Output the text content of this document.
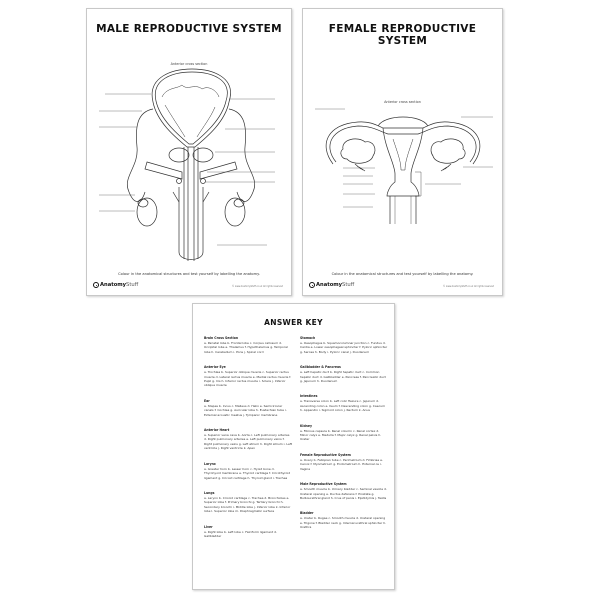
MALE REPRODUCTIVE SYSTEM
Anterior cross section
Colour in the anatomical structures and test yourself by labelling the anatomy.
Anatomy Stuff	© www.AnatomyStuff.co.uk All rights reserved
FEMALE REPRODUCTIVE SYSTEM
Anterior cross section
Colour in the anatomical structures and test yourself by labelling the anatomy.
Anatomy Stuff	© www.AnatomyStuff.co.uk All rights reserved
ANSWER KEY
Brain Cross Section
a. Parietal lobe b. Frontal lobe c. Corpus callosum d. Occipital lobe e. Thalamus f. Hypothalamus g. Temporal lobe h. Cerebellum i. Pons j. Spinal cord
Anterior Eye
a. Trochlea b. Superior oblique muscle c. Superior rectus muscle d. Lateral rectus muscle e. Medial rectus muscle f. Pupil g. Iris h. Inferior rectus muscle i. Sclera j. Inferior oblique muscle
Ear
a. Stapes b. Incus c. Malleus d. Helix e. Semicircular canals f. Cochlea g. Auricular lobe h. Eustachian tube i. External acoustic meatus j. Tympanic membrane
Anterior Heart
a. Superior vena cava b. Aorta c. Left pulmonary arteries d. Right pulmonary arteries e. Left pulmonary veins f. Right pulmonary veins g. Left atrium h. Right atrium i. Left ventricle j. Right ventricle k. Apex
Larynx
a. Greater horn b. Lesser horn c. Hyoid bone d. Thyrohyoid membrane e. Thyroid cartilage f. Cricothyroid ligament g. Cricoid cartilage h. Thyroid gland i. Trachea
Lungs
a. Larynx b. Cricoid cartilage c. Trachea d. Bronchioles e. Superior lobe f. Primary bronchi g. Tertiary bronchi h. Secondary bronchi i. Middle lobe j. Inferior lobe k. Inferior lobe l. Superior lobe m. Diaphragmatic surface
Liver
a. Right lobe b. Left lobe c. Falciform ligament d. Gallbladder
Stomach
a. Oesophagus b. Squamocolumnar junction c. Fundus d. Cardia e. Lower oesophageal sphincter f. Pyloric sphincter g. Serosa h. Body i. Pyloric canal j. Duodenum
Gallbladder & Pancreas
a. Left hepatic duct b. Right hepatic duct c. Common hepatic duct d. Gallbladder e. Pancreas f. Pancreatic duct g. Jejunum h. Duodenum
Intestines
a. Transverse colon b. Left colic flexure c. Jejunum d. Ascending colon e. Ileum f. Descending colon g. Caecum h. Appendix i. Sigmoid colon j. Rectum k. Anus
Kidney
a. Fibrous capsule b. Renal column c. Renal cortex d. Minor calyx e. Medulla f. Major calyx g. Renal pelvis h. Ureter
Female Reproductive System
a. Ovary b. Fallopian tube c. Perimetrium d. Fimbriae e. Cervix f. Myometrium g. Endometrium h. External os i. Vagina
Male Reproductive System
a. Smooth muscle b. Urinary bladder c. Seminal vesicle d. Ureteral opening e. Ductus deferens f. Prostate g. Bulbourethral gland h. Crus of penis i. Epididymis j. Testis
Bladder
a. Ureter b. Rugae c. Smooth muscle d. Ureteral opening e. Trigone f. Bladder neck g. Internal urethral sphincter h. Urethra
